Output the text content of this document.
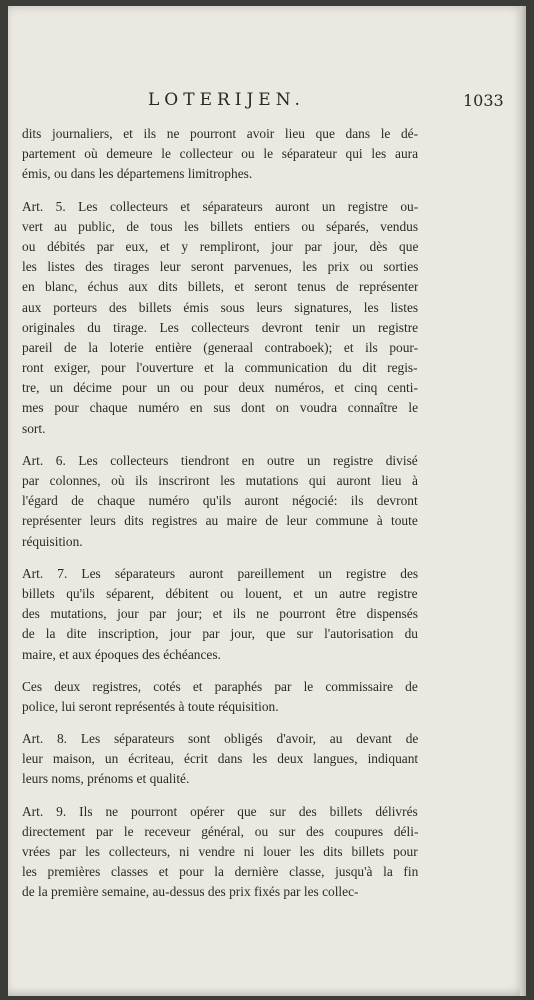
LOTERIJEN.	1033
dits journaliers, et ils ne pourront avoir lieu que dans le dé-
partement où demeure le collecteur ou le séparateur qui les aura
émis, ou dans les départemens limitrophes.
Art. 5. Les collecteurs et séparateurs auront un registre ou-
vert au public, de tous les billets entiers ou séparés, vendus
ou débités par eux, et y rempliront, jour par jour, dès que
les listes des tirages leur seront parvenues, les prix ou sorties
en blanc, échus aux dits billets, et seront tenus de représenter
aux porteurs des billets émis sous leurs signatures, les listes
originales du tirage. Les collecteurs devront tenir un registre
pareil de la loterie entière (generaal contraboek); et ils pour-
ront exiger, pour l'ouverture et la communication du dit regis-
tre, un décime pour un ou pour deux numéros, et cinq centi-
mes pour chaque numéro en sus dont on voudra connaître le
sort.
Art. 6. Les collecteurs tiendront en outre un registre divisé
par colonnes, où ils inscriront les mutations qui auront lieu à
l'égard de chaque numéro qu'ils auront négocié: ils devront
représenter leurs dits registres au maire de leur commune à toute
réquisition.
Art. 7. Les séparateurs auront pareillement un registre des
billets qu'ils séparent, débitent ou louent, et un autre registre
des mutations, jour par jour; et ils ne pourront être dispensés
de la dite inscription, jour par jour, que sur l'autorisation du
maire, et aux époques des échéances.
Ces deux registres, cotés et paraphés par le commissaire de
police, lui seront représentés à toute réquisition.
Art. 8. Les séparateurs sont obligés d'avoir, au devant de
leur maison, un écriteau, écrit dans les deux langues, indiquant
leurs noms, prénoms et qualité.
Art. 9. Ils ne pourront opérer que sur des billets délivrés
directement par le receveur général, ou sur des coupures déli-
vrées par les collecteurs, ni vendre ni louer les dits billets pour
les premières classes et pour la dernière classe, jusqu'à la fin
de la première semaine, au-dessus des prix fixés par les collec-
